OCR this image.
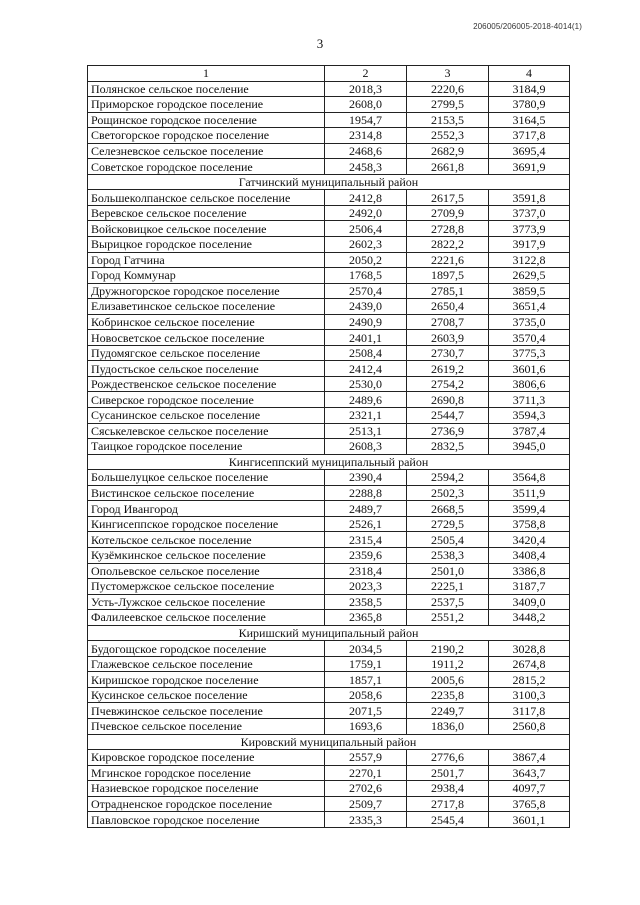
206005/206005-2018-4014(1)
3
1	2	3	4
Полянское сельское поселение	2018,3	2220,6	3184,9
Приморское городское поселение	2608,0	2799,5	3780,9
Рощинское городское поселение	1954,7	2153,5	3164,5
Светогорское городское поселение	2314,8	2552,3	3717,8
Селезневское сельское поселение	2468,6	2682,9	3695,4
Советское городское поселение	2458,3	2661,8	3691,9
Гатчинский муниципальный район			
Большеколпанское сельское поселение	2412,8	2617,5	3591,8
Веревское сельское поселение	2492,0	2709,9	3737,0
Войсковицкое сельское поселение	2506,4	2728,8	3773,9
Вырицкое городское поселение	2602,3	2822,2	3917,9
Город Гатчина	2050,2	2221,6	3122,8
Город Коммунар	1768,5	1897,5	2629,5
Дружногорское городское поселение	2570,4	2785,1	3859,5
Елизаветинское сельское поселение	2439,0	2650,4	3651,4
Кобринское сельское поселение	2490,9	2708,7	3735,0
Новосветское сельское поселение	2401,1	2603,9	3570,4
Пудомягское сельское поселение	2508,4	2730,7	3775,3
Пудостьское сельское поселение	2412,4	2619,2	3601,6
Рождественское сельское поселение	2530,0	2754,2	3806,6
Сиверское городское поселение	2489,6	2690,8	3711,3
Сусанинское сельское поселение	2321,1	2544,7	3594,3
Сяськелевское сельское поселение	2513,1	2736,9	3787,4
Таицкое городское поселение	2608,3	2832,5	3945,0
Кингисеппский муниципальный район			
Большелуцкое сельское поселение	2390,4	2594,2	3564,8
Вистинское сельское поселение	2288,8	2502,3	3511,9
Город Ивангород	2489,7	2668,5	3599,4
Кингисеппское городское поселение	2526,1	2729,5	3758,8
Котельское сельское поселение	2315,4	2505,4	3420,4
Кузёмкинское сельское поселение	2359,6	2538,3	3408,4
Опольевское сельское поселение	2318,4	2501,0	3386,8
Пустомержское сельское поселение	2023,3	2225,1	3187,7
Усть-Лужское сельское поселение	2358,5	2537,5	3409,0
Фалилеевское сельское поселение	2365,8	2551,2	3448,2
Киришский муниципальный район			
Будогощское городское поселение	2034,5	2190,2	3028,8
Глажевское сельское поселение	1759,1	1911,2	2674,8
Киришское городское поселение	1857,1	2005,6	2815,2
Кусинское сельское поселение	2058,6	2235,8	3100,3
Пчевжинское сельское поселение	2071,5	2249,7	3117,8
Пчевское сельское поселение	1693,6	1836,0	2560,8
Кировский муниципальный район			
Кировское городское поселение	2557,9	2776,6	3867,4
Мгинское городское поселение	2270,1	2501,7	3643,7
Назиевское городское поселение	2702,6	2938,4	4097,7
Отрадненское городское поселение	2509,7	2717,8	3765,8
Павловское городское поселение	2335,3	2545,4	3601,1
